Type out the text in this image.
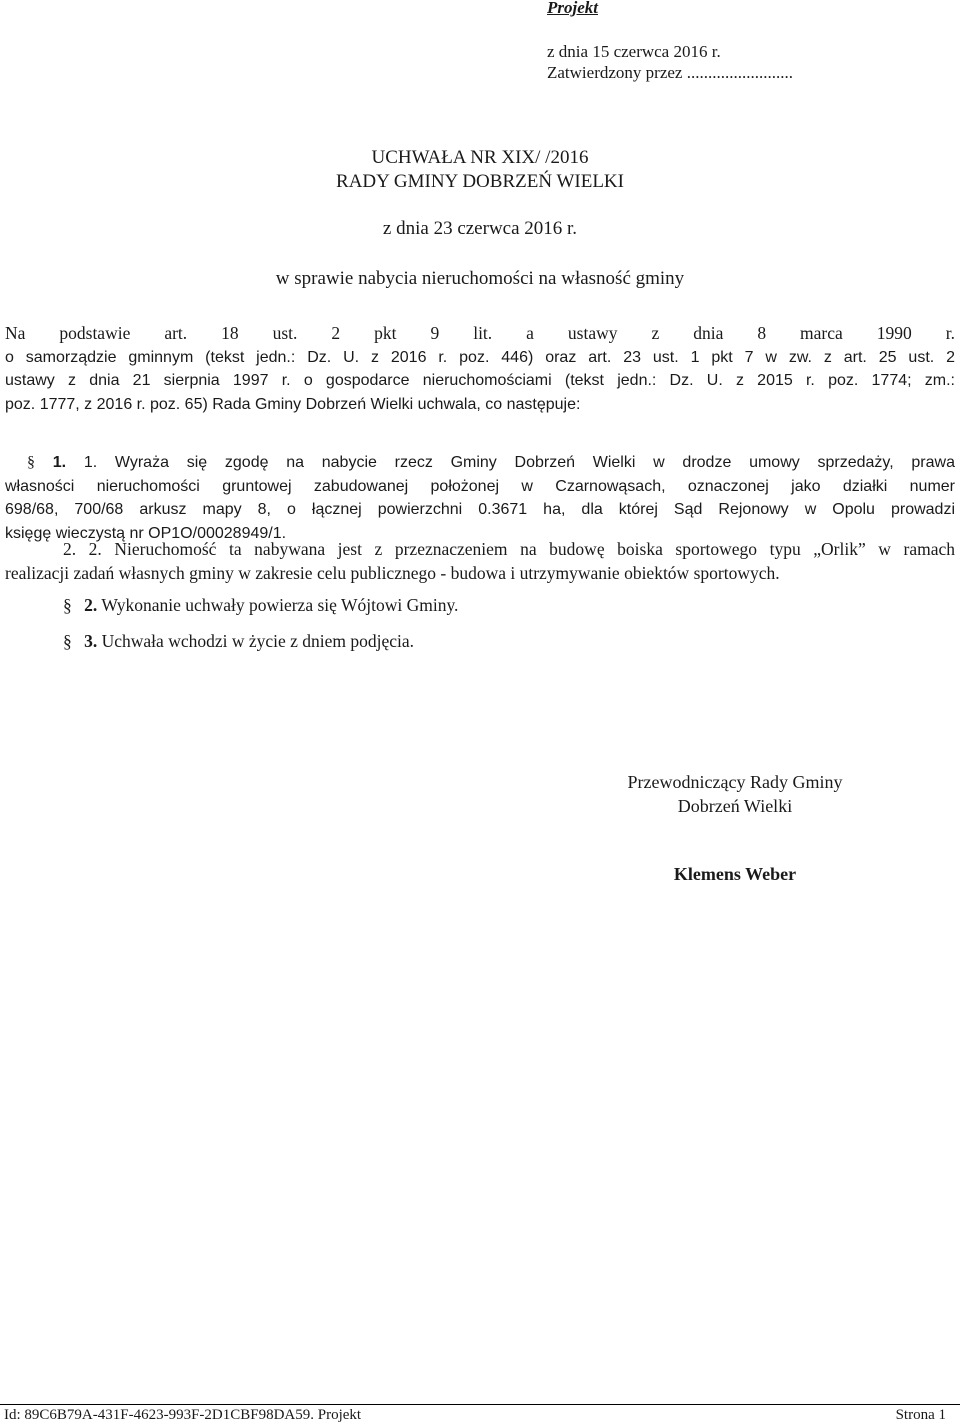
Projekt
z dnia 15 czerwca 2016 r.
Zatwierdzony przez .........................
UCHWAŁA NR XIX/ /2016
RADY GMINY DOBRZEŃ WIELKI
z dnia 23 czerwca 2016 r.
w sprawie nabycia nieruchomości na własność gminy
Na podstawie art. 18 ust. 2 pkt 9 lit. a ustawy z dnia 8 marca 1990 r.
o samorządzie gminnym (tekst jedn.: Dz. U. z 2016 r. poz. 446) oraz art. 23 ust. 1 pkt 7 w zw. z art. 25 ust. 2
ustawy z dnia 21 sierpnia 1997 r. o gospodarce nieruchomościami (tekst jedn.: Dz. U. z 2015 r. poz. 1774; zm.:
poz. 1777, z 2016 r. poz. 65) Rada Gminy Dobrzeń Wielki uchwala, co następuje:
§ 1. 1. Wyraża się zgodę na nabycie rzecz Gminy Dobrzeń Wielki w drodze umowy sprzedaży, prawa
własności nieruchomości gruntowej zabudowanej położonej w Czarnowąsach, oznaczonej jako działki numer
698/68, 700/68 arkusz mapy 8, o łącznej powierzchni 0.3671 ha, dla której Sąd Rejonowy w Opolu prowadzi
księgę wieczystą nr OP1O/00028949/1.
2. 2. Nieruchomość ta nabywana jest z przeznaczeniem na budowę boiska sportowego typu „Orlik” w ramach
realizacji zadań własnych gminy w zakresie celu publicznego - budowa i utrzymywanie obiektów sportowych.
§ 2. Wykonanie uchwały powierza się Wójtowi Gminy.
§ 3. Uchwała wchodzi w życie z dniem podjęcia.
Przewodniczący Rady Gminy
Dobrzeń Wielki
Klemens Weber
Id: 89C6B79A-431F-4623-993F-2D1CBF98DA59. Projekt	Strona 1
